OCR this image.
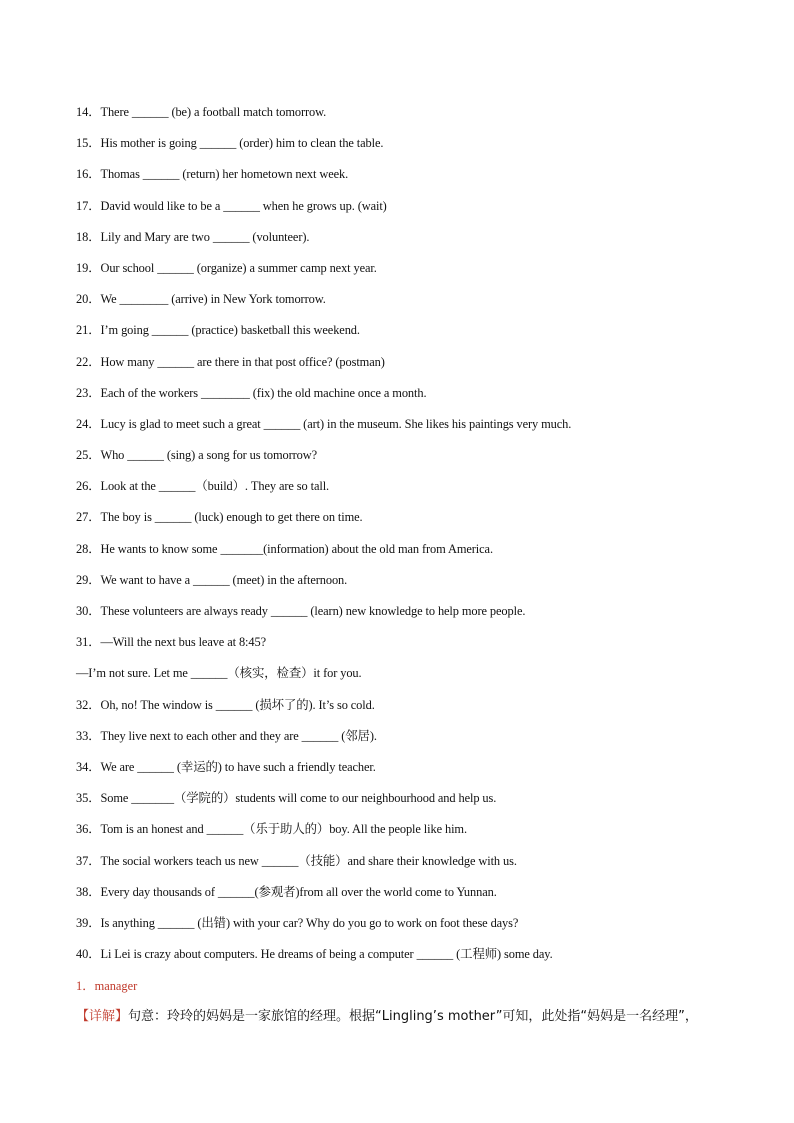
14．There ______ (be) a football match tomorrow.
15．His mother is going ______ (order) him to clean the table.
16．Thomas ______ (return) her hometown next week.
17．David would like to be a ______ when he grows up. (wait)
18．Lily and Mary are two ______ (volunteer).
19．Our school ______ (organize) a summer camp next year.
20．We ________ (arrive) in New York tomorrow.
21．I’m going ______ (practice) basketball this weekend.
22．How many ______ are there in that post office? (postman)
23．Each of the workers ________ (fix) the old machine once a month.
24．Lucy is glad to meet such a great ______ (art) in the museum. She likes his paintings very much.
25．Who ______ (sing) a song for us tomorrow?
26．Look at the ______（build）. They are so tall.
27．The boy is ______ (luck) enough to get there on time.
28．He wants to know some _______(information) about the old man from America.
29．We want to have a ______ (meet) in the afternoon.
30．These volunteers are always ready ______ (learn) new knowledge to help more people.
31．—Will the next bus leave at 8:45?
—I’m not sure. Let me ______（核实，检查）it for you.
32．Oh, no! The window is ______ (损坏了的). It’s so cold.
33．They live next to each other and they are ______ (邻居).
34．We are ______ (幸运的) to have such a friendly teacher.
35．Some _______（学院的）students will come to our neighbourhood and help us.
36．Tom is an honest and ______（乐于助人的）boy. All the people like him.
37．The social workers teach us new ______（技能）and share their knowledge with us.
38．Every day thousands of ______(参观者)from all over the world come to Yunnan.
39．Is anything ______ (出错) with your car? Why do you go to work on foot these days?
40．Li Lei is crazy about computers. He dreams of being a computer ______ (工程师) some day.
1．manager
【详解】句意：玲玲的妈妈是一家旅馆的经理。根据“Lingling’s mother”可知，此处指“妈妈是一名经理”，
